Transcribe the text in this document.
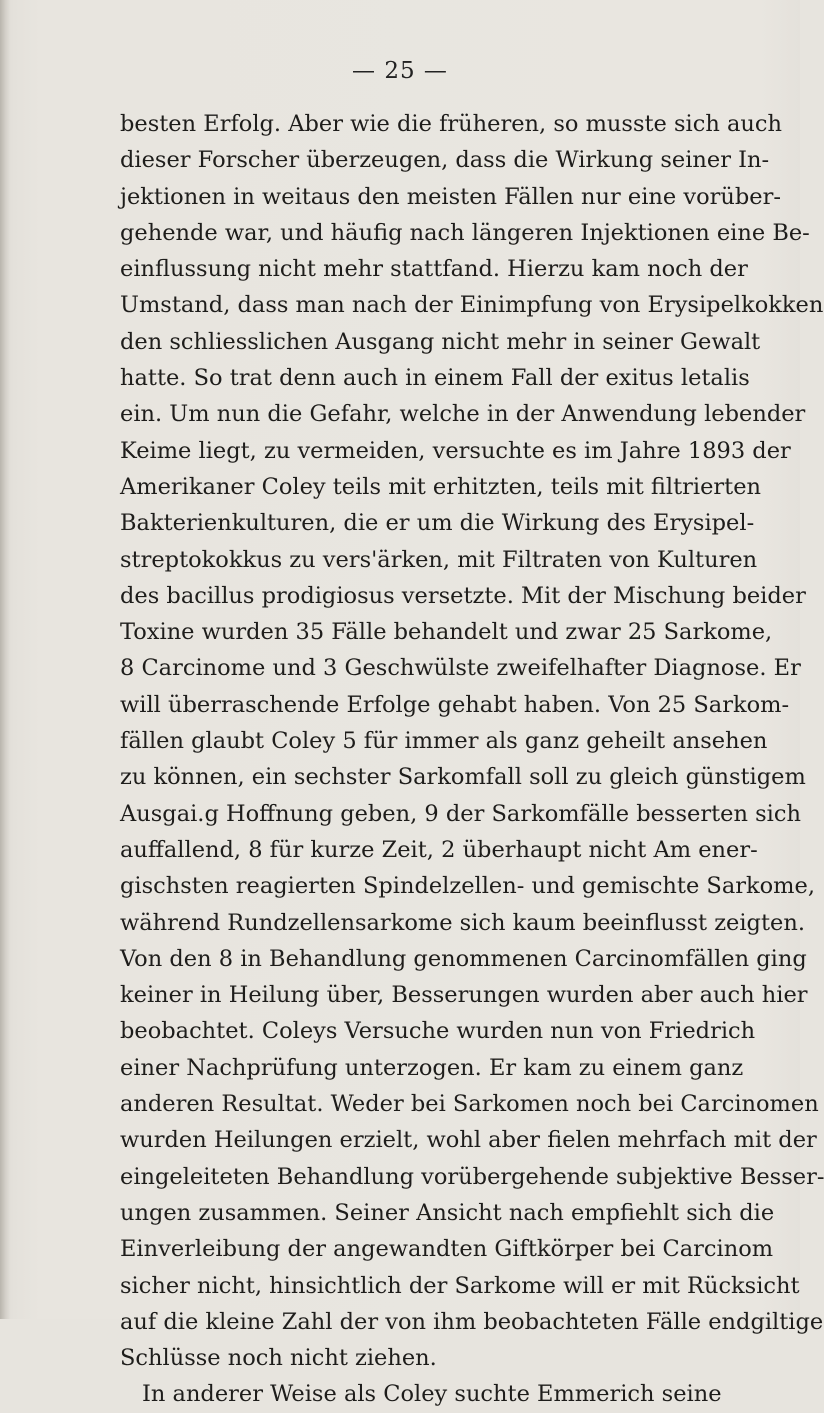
— 25 —
besten Erfolg. Aber wie die früheren, so musste sich auch
dieser Forscher überzeugen, dass die Wirkung seiner In-
jektionen in weitaus den meisten Fällen nur eine vorüber-
gehende war, und häufig nach längeren Injektionen eine Be-
einflussung nicht mehr stattfand. Hierzu kam noch der
Umstand, dass man nach der Einimpfung von Erysipelkokken
den schliesslichen Ausgang nicht mehr in seiner Gewalt
hatte. So trat denn auch in einem Fall der exitus letalis
ein. Um nun die Gefahr, welche in der Anwendung lebender
Keime liegt, zu vermeiden, versuchte es im Jahre 1893 der
Amerikaner Coley teils mit erhitzten, teils mit filtrierten
Bakterienkulturen, die er um die Wirkung des Erysipel-
streptokokkus zu vers'ärken, mit Filtraten von Kulturen
des bacillus prodigiosus versetzte. Mit der Mischung beider
Toxine wurden 35 Fälle behandelt und zwar 25 Sarkome,
8 Carcinome und 3 Geschwülste zweifelhafter Diagnose. Er
will überraschende Erfolge gehabt haben. Von 25 Sarkom-
fällen glaubt Coley 5 für immer als ganz geheilt ansehen
zu können, ein sechster Sarkomfall soll zu gleich günstigem
Ausgai.g Hoffnung geben, 9 der Sarkomfälle besserten sich
auffallend, 8 für kurze Zeit, 2 überhaupt nicht Am ener-
gischsten reagierten Spindelzellen- und gemischte Sarkome,
während Rundzellensarkome sich kaum beeinflusst zeigten.
Von den 8 in Behandlung genommenen Carcinomfällen ging
keiner in Heilung über, Besserungen wurden aber auch hier
beobachtet. Coleys Versuche wurden nun von Friedrich
einer Nachprüfung unterzogen. Er kam zu einem ganz
anderen Resultat. Weder bei Sarkomen noch bei Carcinomen
wurden Heilungen erzielt, wohl aber fielen mehrfach mit der
eingeleiteten Behandlung vorübergehende subjektive Besser-
ungen zusammen. Seiner Ansicht nach empfiehlt sich die
Einverleibung der angewandten Giftkörper bei Carcinom
sicher nicht, hinsichtlich der Sarkome will er mit Rücksicht
auf die kleine Zahl der von ihm beobachteten Fälle endgiltige
Schlüsse noch nicht ziehen.
In anderer Weise als Coley suchte Emmerich seine
